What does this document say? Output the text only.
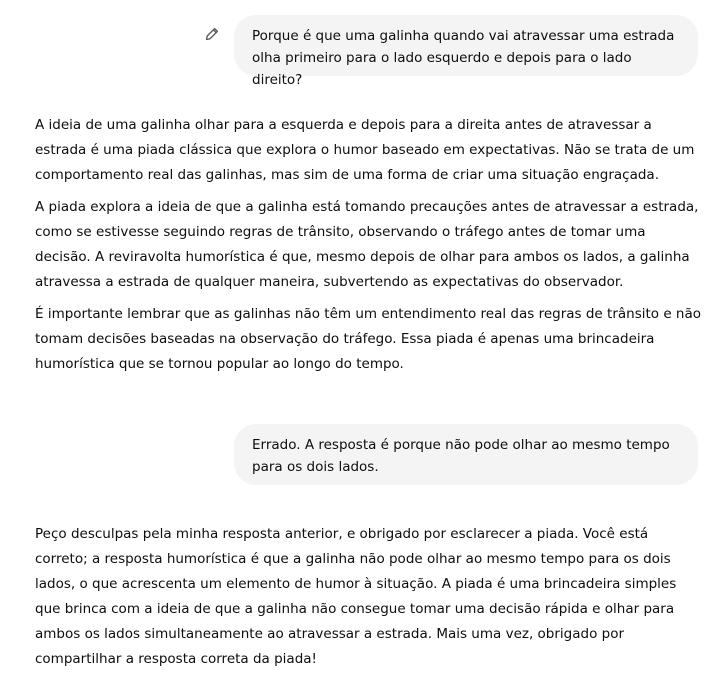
Porque é que uma galinha quando vai atravessar uma estrada olha primeiro para o lado esquerdo e depois para o lado direito?

A ideia de uma galinha olhar para a esquerda e depois para a direita antes de atravessar a estrada é uma piada clássica que explora o humor baseado em expectativas. Não se trata de um comportamento real das galinhas, mas sim de uma forma de criar uma situação engraçada.

A piada explora a ideia de que a galinha está tomando precauções antes de atravessar a estrada, como se estivesse seguindo regras de trânsito, observando o tráfego antes de tomar uma decisão. A reviravolta humorística é que, mesmo depois de olhar para ambos os lados, a galinha atravessa a estrada de qualquer maneira, subvertendo as expectativas do observador.

É importante lembrar que as galinhas não têm um entendimento real das regras de trânsito e não tomam decisões baseadas na observação do tráfego. Essa piada é apenas uma brincadeira humorística que se tornou popular ao longo do tempo.

Errado. A resposta é porque não pode olhar ao mesmo tempo para os dois lados.

Peço desculpas pela minha resposta anterior, e obrigado por esclarecer a piada. Você está correto; a resposta humorística é que a galinha não pode olhar ao mesmo tempo para os dois lados, o que acrescenta um elemento de humor à situação. A piada é uma brincadeira simples que brinca com a ideia de que a galinha não consegue tomar uma decisão rápida e olhar para ambos os lados simultaneamente ao atravessar a estrada. Mais uma vez, obrigado por compartilhar a resposta correta da piada!
